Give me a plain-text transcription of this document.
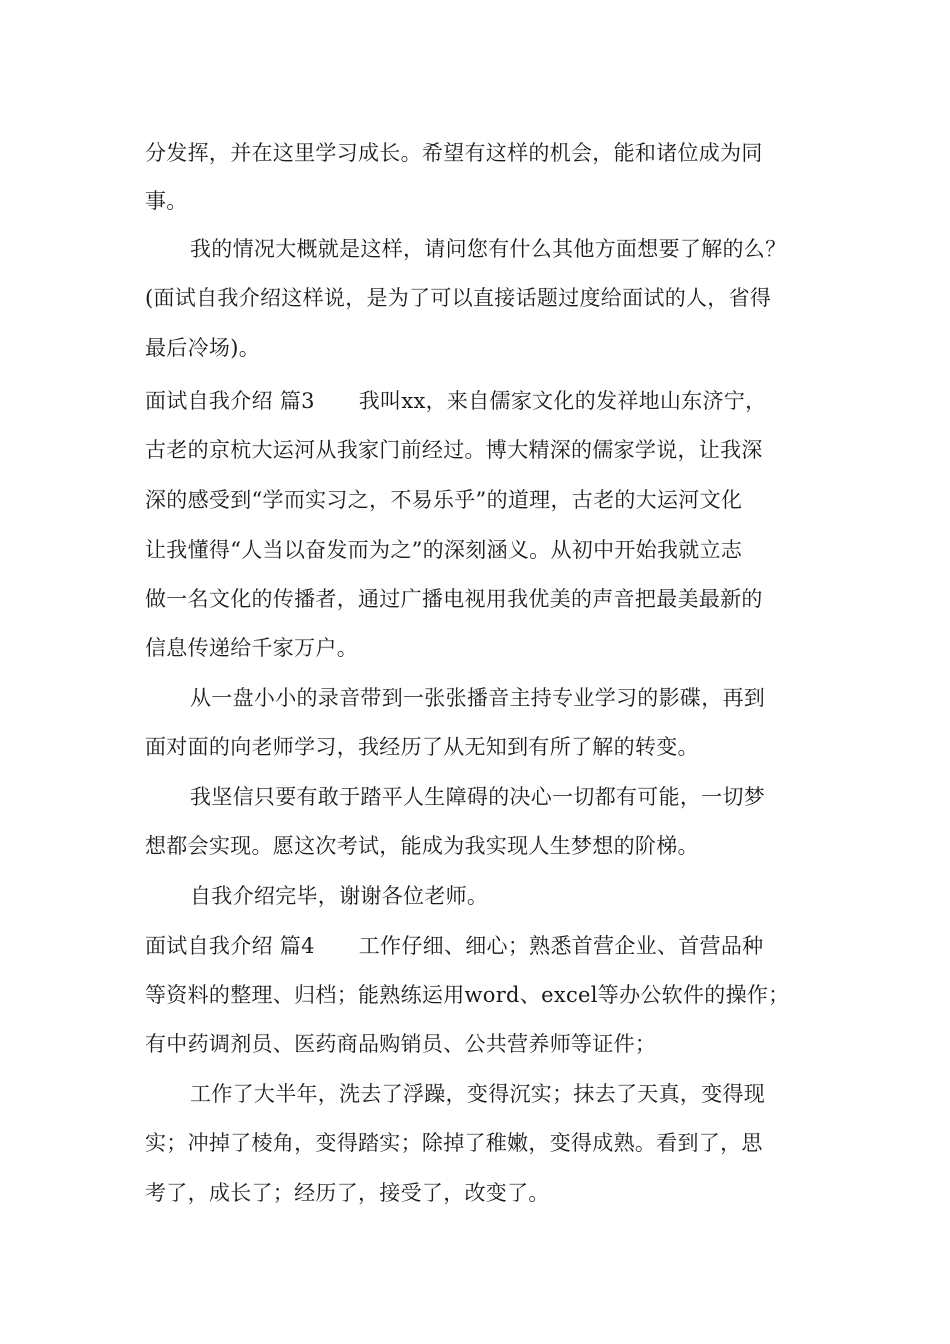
分发挥，并在这里学习成长。希望有这样的机会，能和诸位成为同
事。
我的情况大概就是这样，请问您有什么其他方面想要了解的么？
(面试自我介绍这样说，是为了可以直接话题过度给面试的人，省得
最后冷场)。
面试自我介绍 篇3 我叫xx，来自儒家文化的发祥地山东济宁，
古老的京杭大运河从我家门前经过。博大精深的儒家学说，让我深
深的感受到“学而实习之，不易乐乎”的道理，古老的大运河文化
让我懂得“人当以奋发而为之”的深刻涵义。从初中开始我就立志
做一名文化的传播者，通过广播电视用我优美的声音把最美最新的
信息传递给千家万户。
从一盘小小的录音带到一张张播音主持专业学习的影碟，再到
面对面的向老师学习，我经历了从无知到有所了解的转变。
我坚信只要有敢于踏平人生障碍的决心一切都有可能，一切梦
想都会实现。愿这次考试，能成为我实现人生梦想的阶梯。
自我介绍完毕，谢谢各位老师。
面试自我介绍 篇4 工作仔细、细心；熟悉首营企业、首营品种
等资料的整理、归档；能熟练运用word、excel等办公软件的操作；
有中药调剂员、医药商品购销员、公共营养师等证件；
工作了大半年，洗去了浮躁，变得沉实；抹去了天真，变得现
实；冲掉了棱角，变得踏实；除掉了稚嫩，变得成熟。看到了，思
考了，成长了；经历了，接受了，改变了。
